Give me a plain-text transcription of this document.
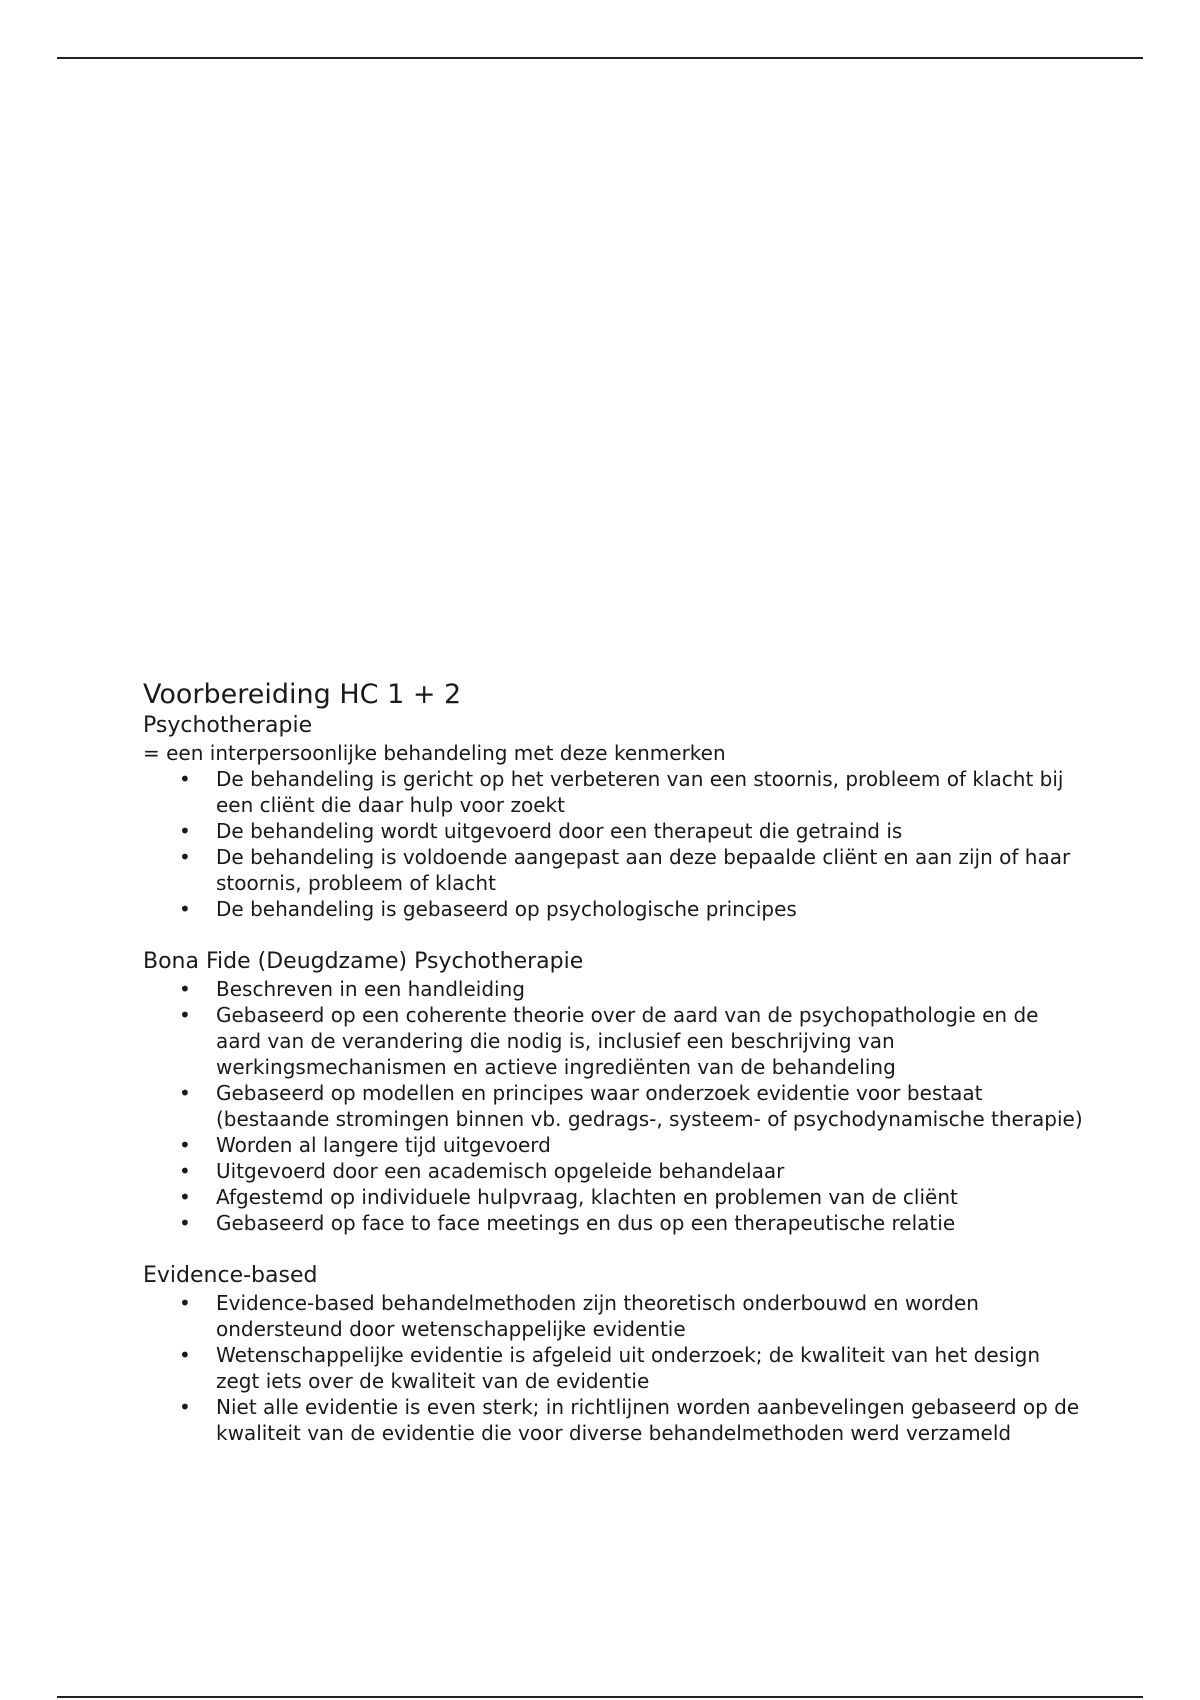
Voorbereiding HC 1 + 2
Psychotherapie

= een interpersoonlijke behandeling met deze kenmerken

• De behandeling is gericht op het verbeteren van een stoornis, probleem of klacht bij een cliënt die daar hulp voor zoekt
• De behandeling wordt uitgevoerd door een therapeut die getraind is
• De behandeling is voldoende aangepast aan deze bepaalde cliënt en aan zijn of haar stoornis, probleem of klacht
• De behandeling is gebaseerd op psychologische principes
Bona Fide (Deugdzame) Psychotherapie
• Beschreven in een handleiding
• Gebaseerd op een coherente theorie over de aard van de psychopathologie en de aard van de verandering die nodig is, inclusief een beschrijving van werkingsmechanismen en actieve ingrediënten van de behandeling
• Gebaseerd op modellen en principes waar onderzoek evidentie voor bestaat (bestaande stromingen binnen vb. gedrags-, systeem- of psychodynamische therapie)
• Worden al langere tijd uitgevoerd
• Uitgevoerd door een academisch opgeleide behandelaar
• Afgestemd op individuele hulpvraag, klachten en problemen van de cliënt
• Gebaseerd op face to face meetings en dus op een therapeutische relatie
Evidence-based
• Evidence-based behandelmethoden zijn theoretisch onderbouwd en worden ondersteund door wetenschappelijke evidentie
• Wetenschappelijke evidentie is afgeleid uit onderzoek; de kwaliteit van het design zegt iets over de kwaliteit van de evidentie
• Niet alle evidentie is even sterk; in richtlijnen worden aanbevelingen gebaseerd op de kwaliteit van de evidentie die voor diverse behandelmethoden werd verzameld
